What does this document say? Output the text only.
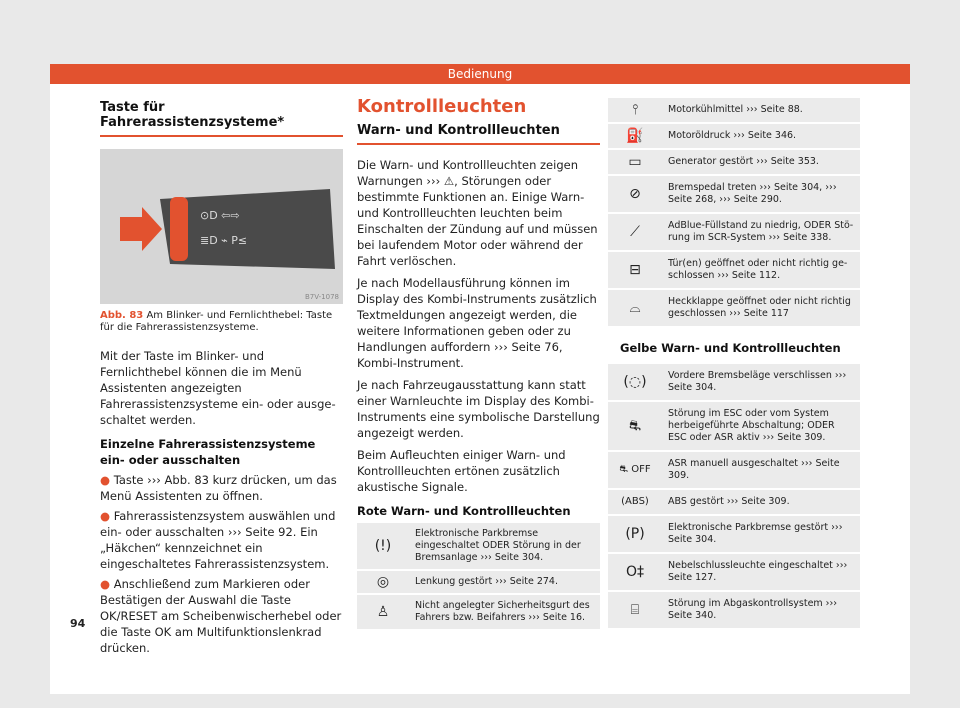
Bedienung
Taste für Fahrerassistenzsysteme*
⊙D ⇦⇨
≣D ⌁ P≤
B7V-1078
Abb. 83 Am Blinker- und Fernlichthebel: Taste für die Fahrerassistenzsysteme.

Mit der Taste im Blinker- und Fernlichthebel können die im Menü Assistenten angezeigten Fahrerassistenzsysteme ein- oder ausgeschaltet werden.

Einzelne Fahrerassistenzsysteme ein- oder ausschalten
● Taste ››› Abb. 83 kurz drücken, um das Menü Assistenten zu öffnen.
● Fahrerassistenzsystem auswählen und ein- oder ausschalten ››› Seite 92. Ein „Häkchen“ kennzeichnet ein eingeschaltetes Fahrerassistenzsystem.
● Anschließend zum Markieren oder Bestätigen der Auswahl die Taste OK/RESET am Scheibenwischerhebel oder die Taste OK am Multifunktionslenkrad drücken.
Kontrollleuchten
Warn- und Kontrollleuchten

Die Warn- und Kontrollleuchten zeigen Warnungen ››› ⚠, Störungen oder bestimmte Funktionen an. Einige Warn- und Kontrollleuchten leuchten beim Einschalten der Zündung auf und müssen bei laufendem Motor oder während der Fahrt verlöschen.

Je nach Modellausführung können im Display des Kombi-Instruments zusätzlich Textmeldungen angezeigt werden, die weitere Informationen geben oder zu Handlungen auffordern ››› Seite 76, Kombi-Instrument.

Je nach Fahrzeugausstattung kann statt einer Warnleuchte im Display des Kombi-Instruments eine symbolische Darstellung angezeigt werden.

Beim Aufleuchten einiger Warn- und Kontrollleuchten ertönen zusätzlich akustische Signale.

Rote Warn- und Kontrollleuchten
(!)	Elektronische Parkbremse eingeschaltet ODER Störung in der Bremsanlage ››› Seite 304.
◎	Lenkung gestört ››› Seite 274.
♙	Nicht angelegter Sicherheitsgurt des Fahrers bzw. Beifahrers ››› Seite 16.
⫯	Motorkühlmittel ››› Seite 88.
⛽	Motoröldruck ››› Seite 346.
▭	Generator gestört ››› Seite 353.
⊘	Bremspedal treten ››› Seite 304, ››› Seite 268, ››› Seite 290.
⟋	AdBlue-Füllstand zu niedrig, ODER Störung im SCR-System ››› Seite 338.
⊟	Tür(en) geöffnet oder nicht richtig geschlossen ››› Seite 112.
⌓	Heckklappe geöffnet oder nicht richtig geschlossen ››› Seite 117
Gelbe Warn- und Kontrollleuchten
(◌)	Vordere Bremsbeläge verschlissen ››› Seite 304.
⛐	Störung im ESC oder vom System herbeigeführte Abschaltung; ODER ESC oder ASR aktiv ››› Seite 309.
⛐ OFF	ASR manuell ausgeschaltet ››› Seite 309.
(ABS)	ABS gestört ››› Seite 309.
(P)	Elektronische Parkbremse gestört ››› Seite 304.
O‡	Nebelschlussleuchte eingeschaltet ››› Seite 127.
⌸	Störung im Abgaskontrollsystem ››› Seite 340.
94
